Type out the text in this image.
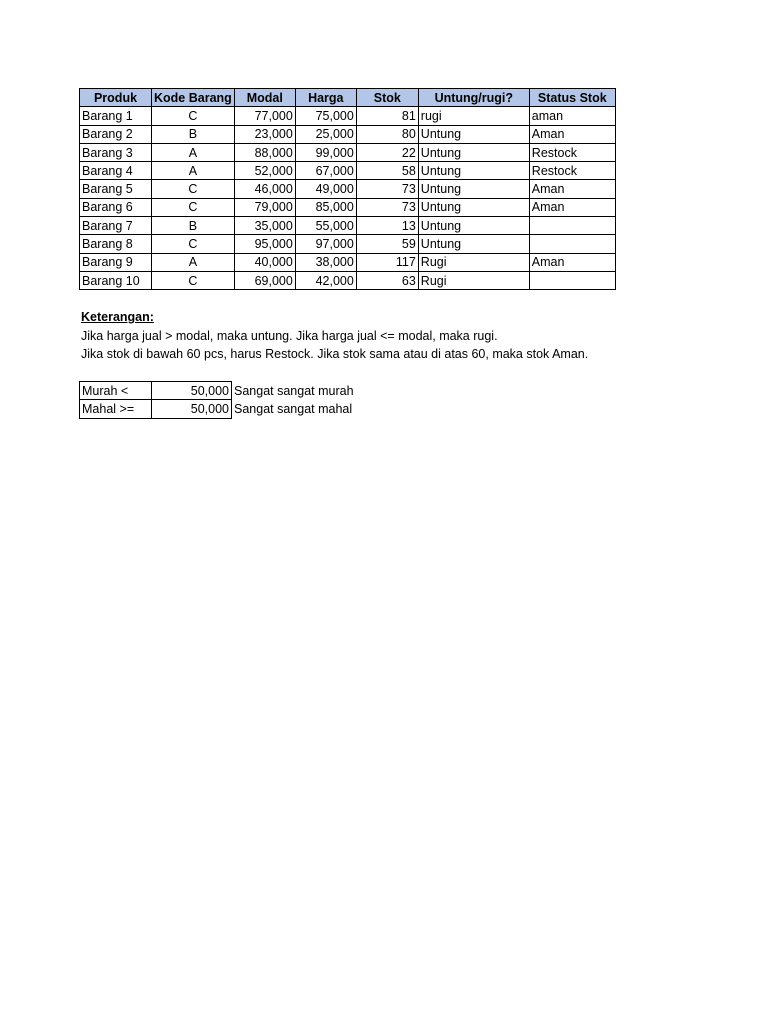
Produk	Kode Barang	Modal	Harga	Stok	Untung/rugi?	Status Stok
Barang 1	C	77,000	75,000	81	rugi	aman
Barang 2	B	23,000	25,000	80	Untung	Aman
Barang 3	A	88,000	99,000	22	Untung	Restock
Barang 4	A	52,000	67,000	58	Untung	Restock
Barang 5	C	46,000	49,000	73	Untung	Aman
Barang 6	C	79,000	85,000	73	Untung	Aman
Barang 7	B	35,000	55,000	13	Untung	
Barang 8	C	95,000	97,000	59	Untung	
Barang 9	A	40,000	38,000	117	Rugi	Aman
Barang 10	C	69,000	42,000	63	Rugi	
Keterangan:
Jika harga jual > modal, maka untung. Jika harga jual <= modal, maka rugi.
Jika stok di bawah 60 pcs, harus Restock. Jika stok sama atau di atas 60, maka stok Aman.
Murah <	50,000	Sangat sangat murah
Mahal >=	50,000	Sangat sangat mahal
